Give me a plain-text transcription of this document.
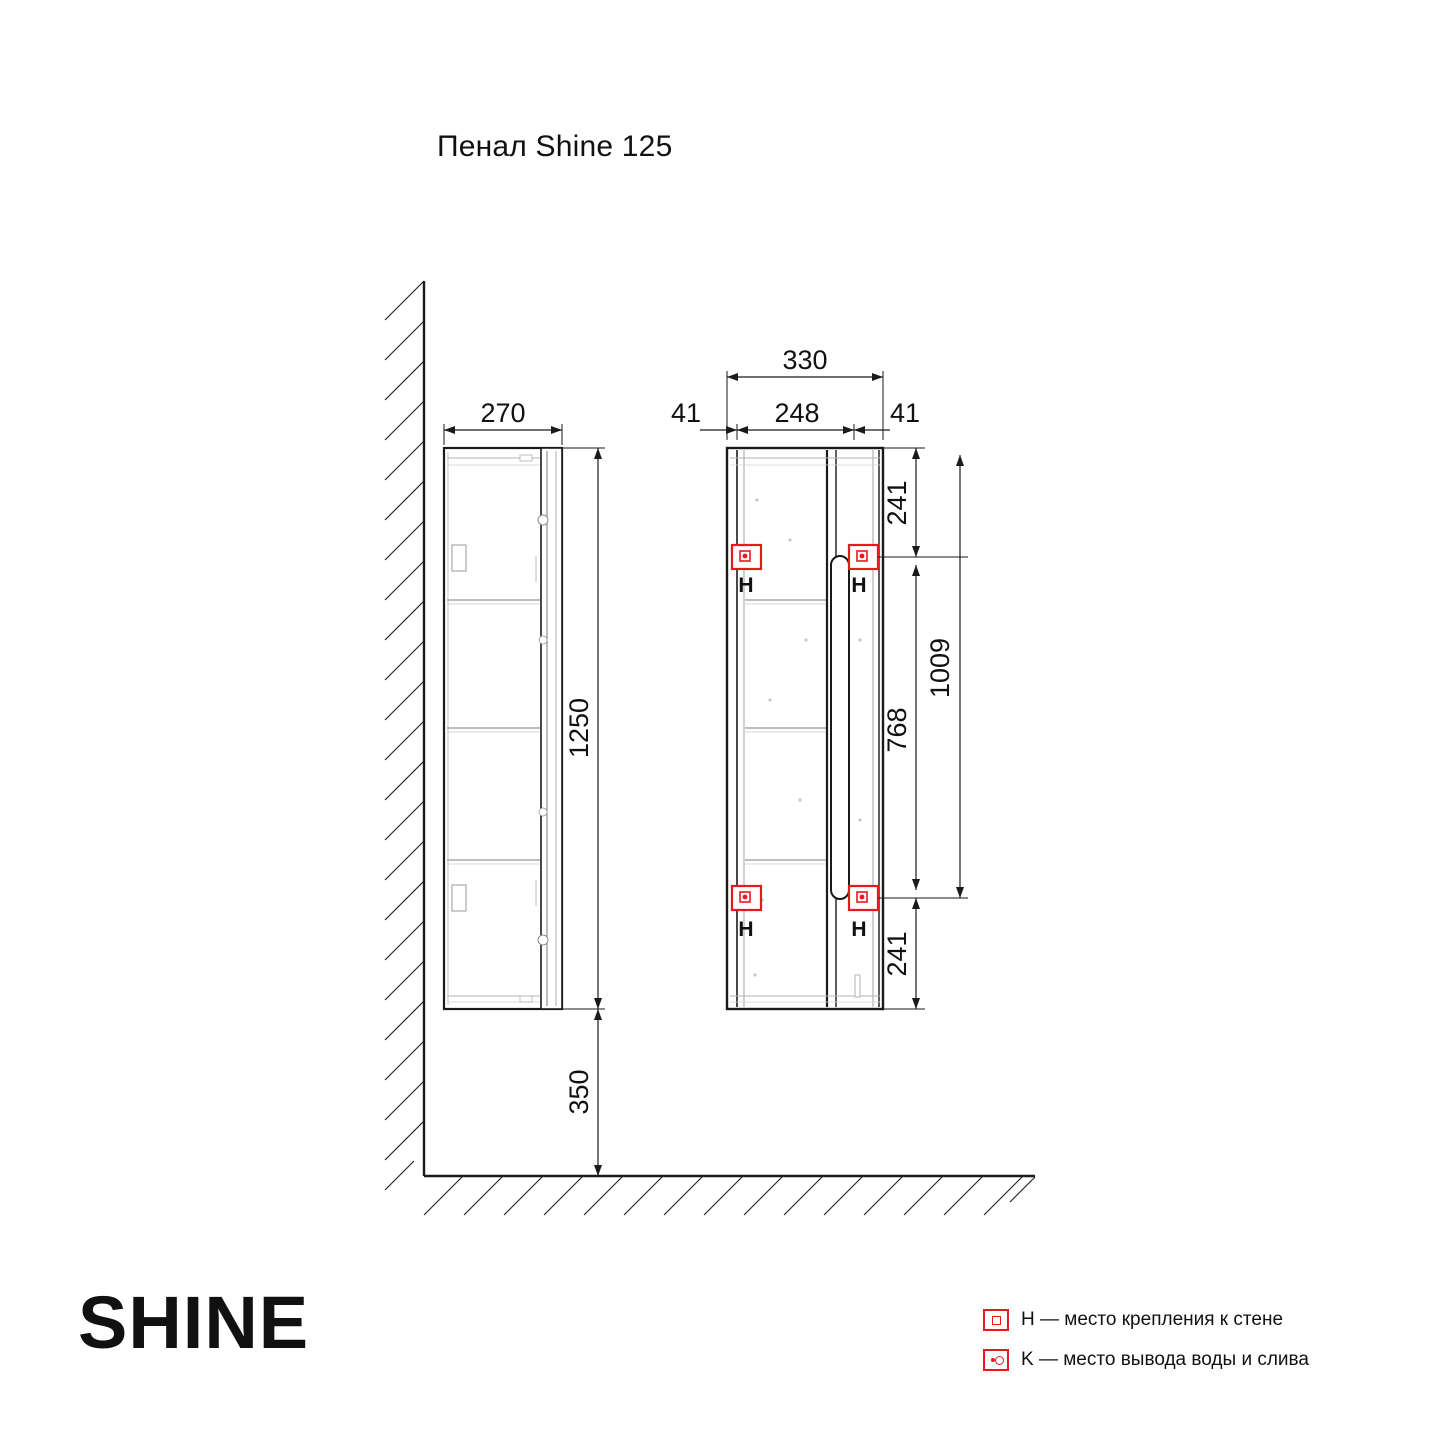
Пенал Shine 125
270
1250
350
H	H
H	H
330
41	248	41
241
768
241
1009
SHINE	H — место крепления к стене
K — место вывода воды и слива
